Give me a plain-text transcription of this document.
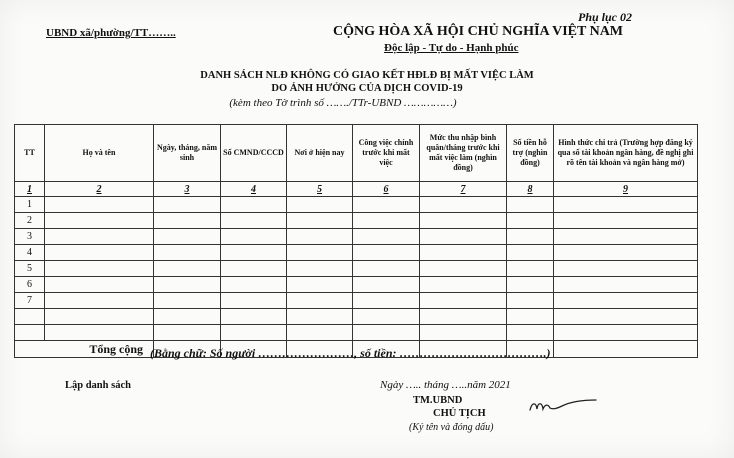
Phụ lục 02
UBND xã/phường/TT……..	CỘNG HÒA XÃ HỘI CHỦ NGHĨA VIỆT NAM
Độc lập - Tự do - Hạnh phúc
DANH SÁCH NLĐ KHÔNG CÓ GIAO KẾT HĐLĐ BỊ MẤT VIỆC LÀM
DO ẢNH HƯỞNG CỦA DỊCH COVID-19
(kèm theo Tờ trình số ……./TTr-UBND ……………)
TT	Họ và tên	Ngày, tháng, năm sinh	Số CMND/CCCD	Nơi ở hiện nay	Công việc chính trước khi mất việc	Mức thu nhập bình quân/tháng trước khi mất việc làm (nghìn đồng)	Số tiền hỗ trợ (nghìn đồng)	Hình thức chi trả (Trường hợp đăng ký qua số tài khoản ngân hàng, đề nghị ghi rõ tên tài khoản và ngân hàng mở)
1	2	3	4	5	6	7	8	9
1								
2								
3								
4								
5								
6								
7								

Tổng cộng								(Bằng chữ: Số người ……………………, số tiền: ……………………………….)
Lập danh sách	Ngày ….. tháng …..năm 2021
TM.UBND
CHỦ TỊCH
(Ký tên và đóng dấu)
